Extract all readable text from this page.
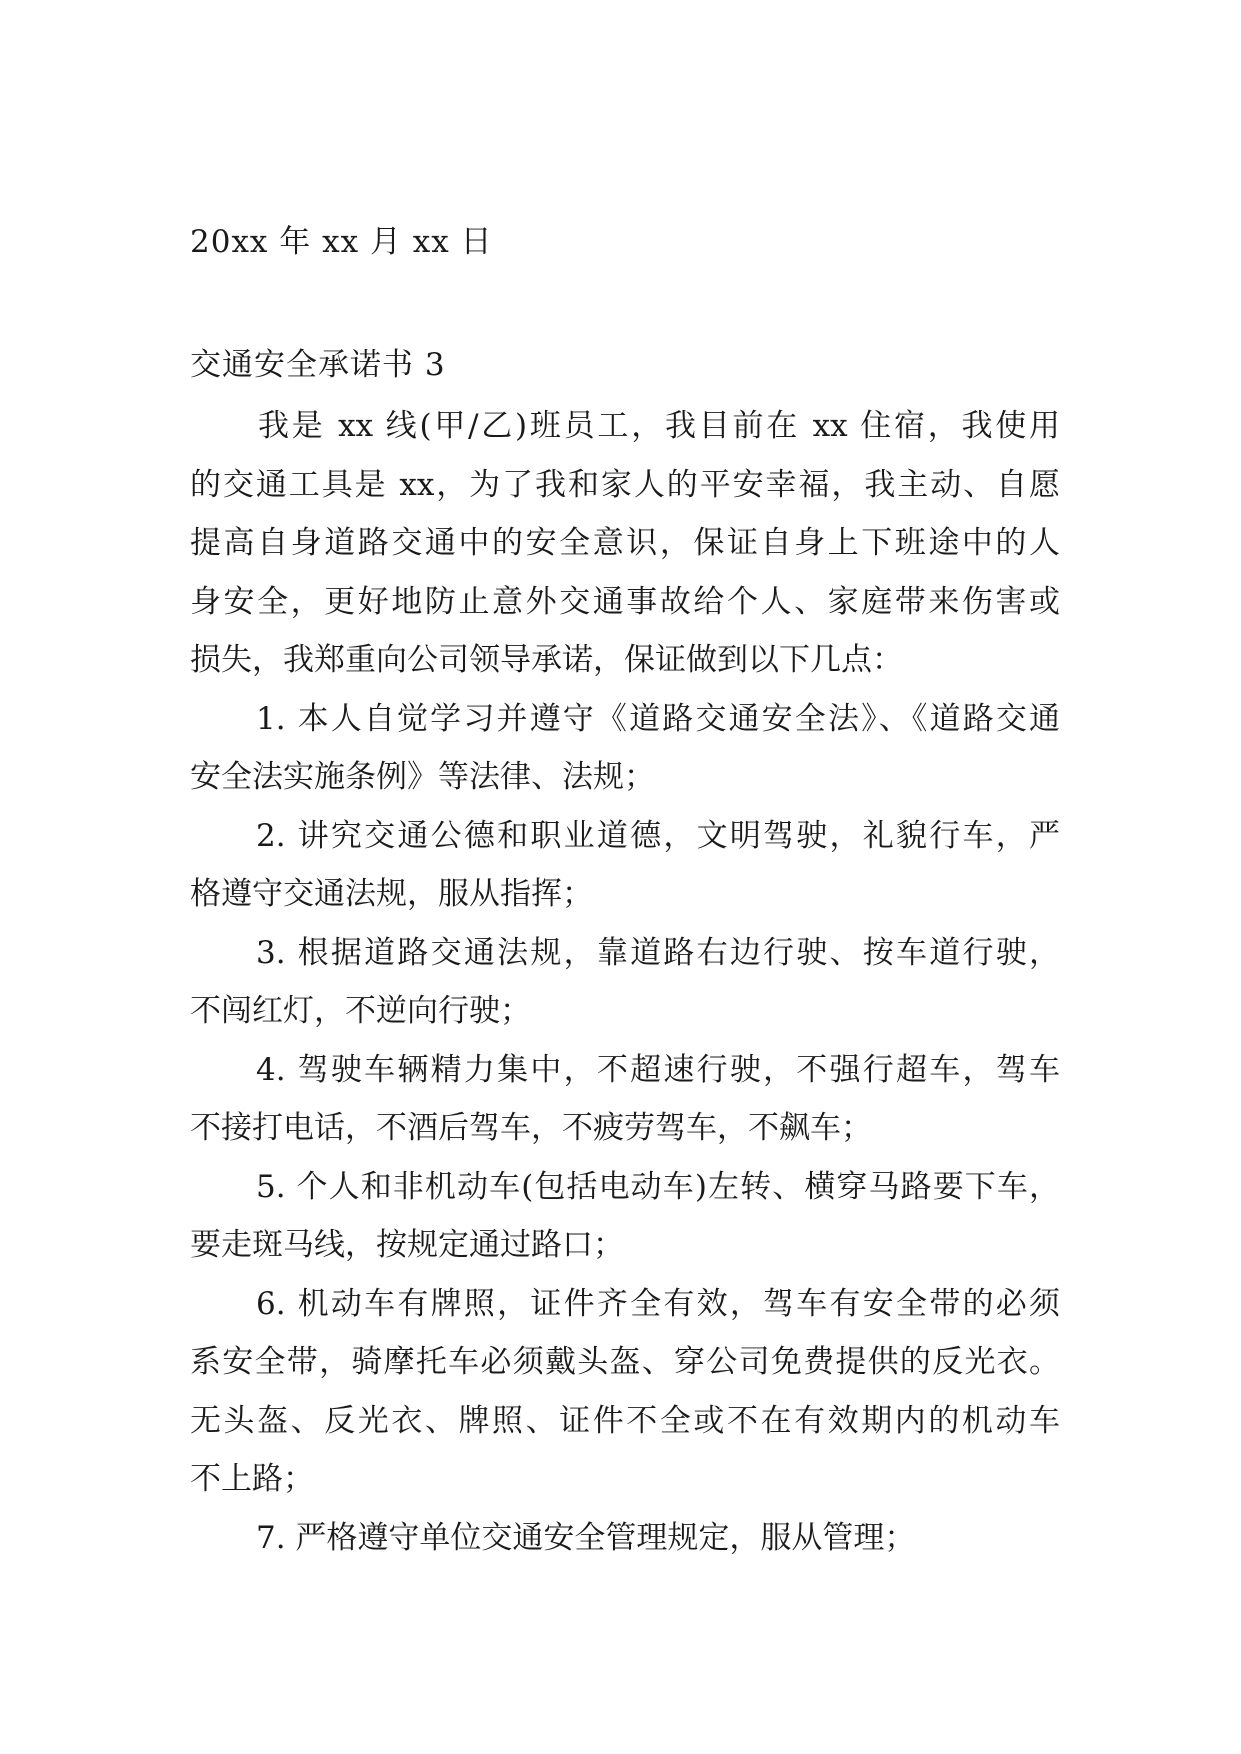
20xx 年 xx 月 xx 日
交通安全承诺书 3
我是 xx 线(甲/乙)班员工，我目前在 xx 住宿，我使用
的交通工具是 xx，为了我和家人的平安幸福，我主动、自愿
提高自身道路交通中的安全意识，保证自身上下班途中的人
身安全，更好地防止意外交通事故给个人、家庭带来伤害或
损失，我郑重向公司领导承诺，保证做到以下几点：
1. 本人自觉学习并遵守《道路交通安全法》、《道路交通
安全法实施条例》等法律、法规；
2. 讲究交通公德和职业道德，文明驾驶，礼貌行车，严
格遵守交通法规，服从指挥；
3. 根据道路交通法规，靠道路右边行驶、按车道行驶，
不闯红灯，不逆向行驶；
4. 驾驶车辆精力集中，不超速行驶，不强行超车，驾车
不接打电话，不酒后驾车，不疲劳驾车，不飙车；
5. 个人和非机动车(包括电动车)左转、横穿马路要下车，
要走斑马线，按规定通过路口；
6. 机动车有牌照，证件齐全有效，驾车有安全带的必须
系安全带，骑摩托车必须戴头盔、穿公司免费提供的反光衣。
无头盔、反光衣、牌照、证件不全或不在有效期内的机动车
不上路；
7. 严格遵守单位交通安全管理规定，服从管理；
